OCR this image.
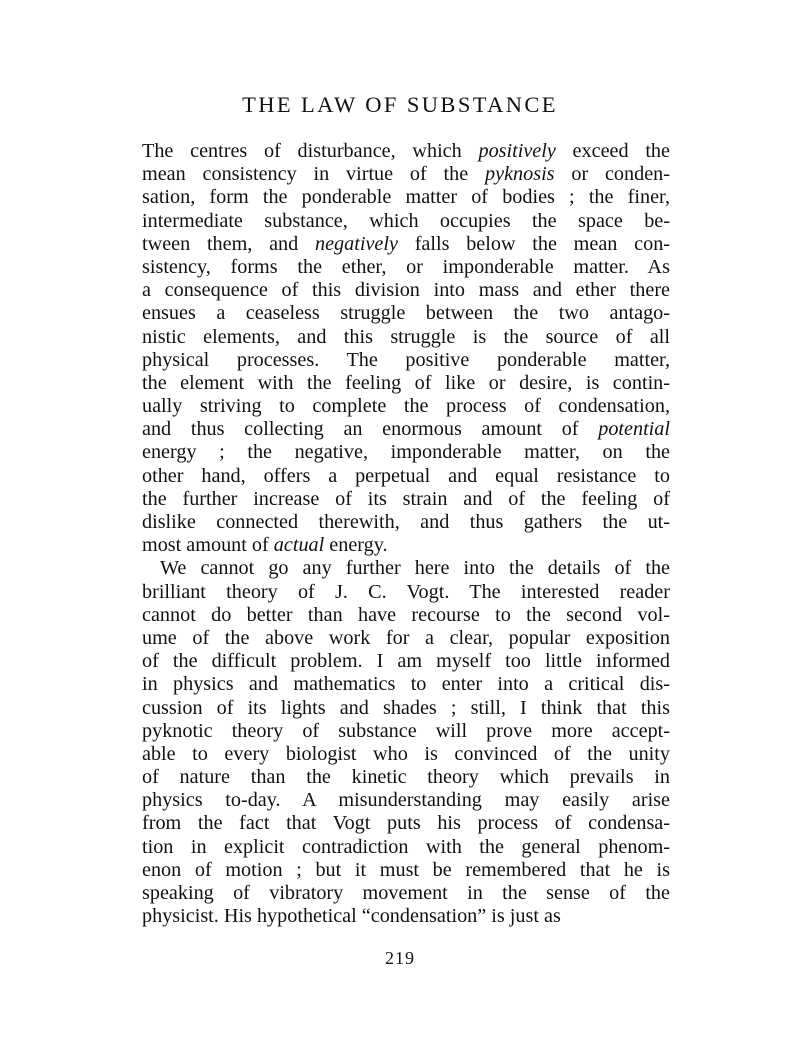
THE LAW OF SUBSTANCE
The centres of disturbance, which positively exceed the
mean consistency in virtue of the pyknosis or conden-
sation, form the ponderable matter of bodies ; the finer,
intermediate substance, which occupies the space be-
tween them, and negatively falls below the mean con-
sistency, forms the ether, or imponderable matter. As
a consequence of this division into mass and ether there
ensues a ceaseless struggle between the two antago-
nistic elements, and this struggle is the source of all
physical processes. The positive ponderable matter,
the element with the feeling of like or desire, is contin-
ually striving to complete the process of condensation,
and thus collecting an enormous amount of potential
energy ; the negative, imponderable matter, on the
other hand, offers a perpetual and equal resistance to
the further increase of its strain and of the feeling of
dislike connected therewith, and thus gathers the ut-
most amount of actual energy.
We cannot go any further here into the details of the
brilliant theory of J. C. Vogt. The interested reader
cannot do better than have recourse to the second vol-
ume of the above work for a clear, popular exposition
of the difficult problem. I am myself too little informed
in physics and mathematics to enter into a critical dis-
cussion of its lights and shades ; still, I think that this
pyknotic theory of substance will prove more accept-
able to every biologist who is convinced of the unity
of nature than the kinetic theory which prevails in
physics to-day. A misunderstanding may easily arise
from the fact that Vogt puts his process of condensa-
tion in explicit contradiction with the general phenom-
enon of motion ; but it must be remembered that he is
speaking of vibratory movement in the sense of the
physicist. His hypothetical “condensation” is just as
219
